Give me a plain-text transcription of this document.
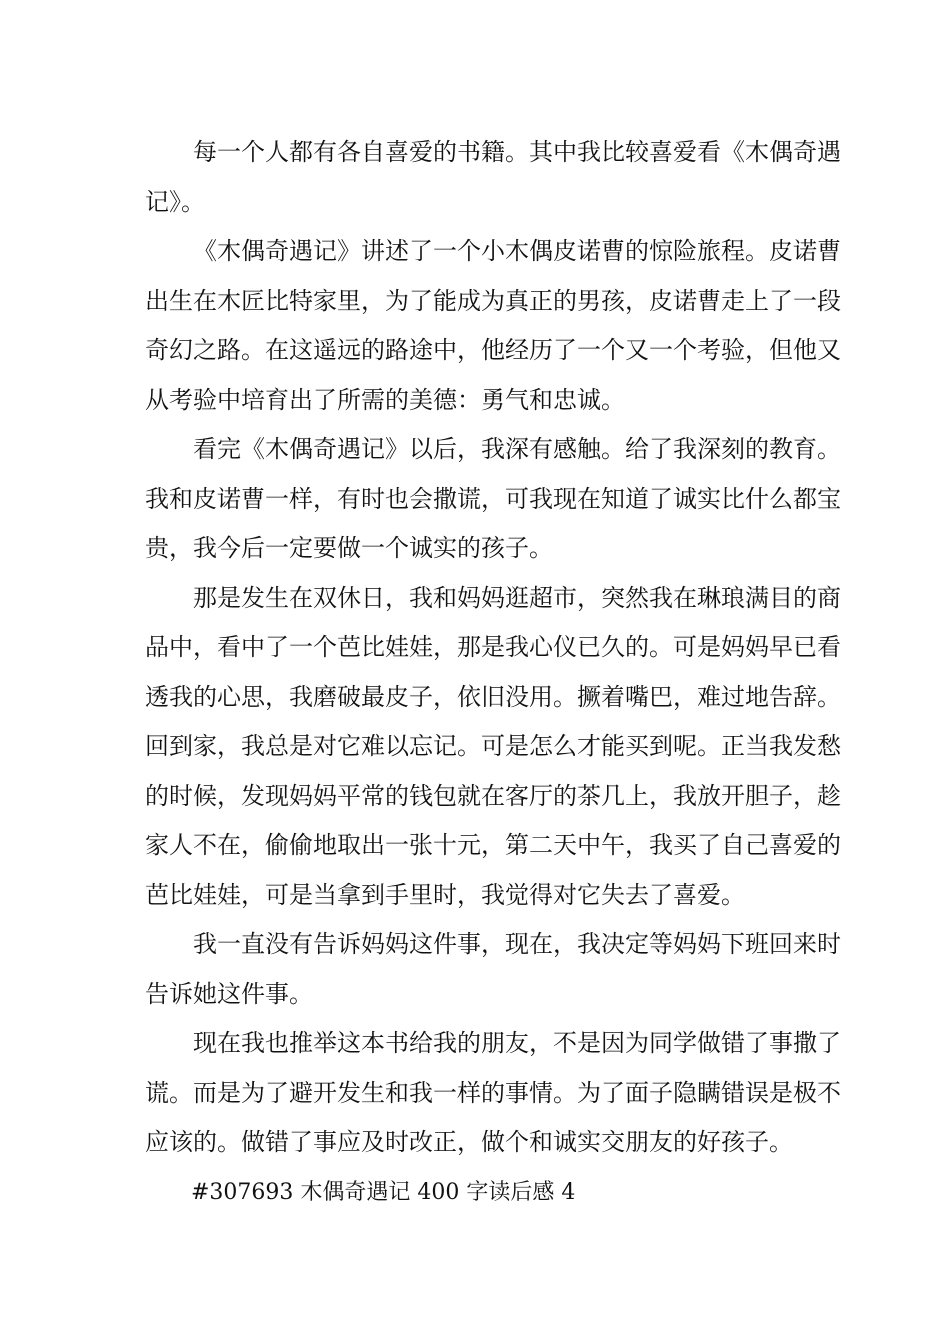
每一个人都有各自喜爱的书籍。其中我比较喜爱看《木偶奇遇
记》。

《木偶奇遇记》讲述了一个小木偶皮诺曹的惊险旅程。皮诺曹
出生在木匠比特家里，为了能成为真正的男孩，皮诺曹走上了一段
奇幻之路。在这遥远的路途中，他经历了一个又一个考验，但他又
从考验中培育出了所需的美德：勇气和忠诚。

看完《木偶奇遇记》以后，我深有感触。给了我深刻的教育。
我和皮诺曹一样，有时也会撒谎，可我现在知道了诚实比什么都宝
贵，我今后一定要做一个诚实的孩子。

那是发生在双休日，我和妈妈逛超市，突然我在琳琅满目的商
品中，看中了一个芭比娃娃，那是我心仪已久的。可是妈妈早已看
透我的心思，我磨破最皮子，依旧没用。撅着嘴巴，难过地告辞。
回到家，我总是对它难以忘记。可是怎么才能买到呢。正当我发愁
的时候，发现妈妈平常的钱包就在客厅的茶几上，我放开胆子，趁
家人不在，偷偷地取出一张十元，第二天中午，我买了自己喜爱的
芭比娃娃，可是当拿到手里时，我觉得对它失去了喜爱。

我一直没有告诉妈妈这件事，现在，我决定等妈妈下班回来时
告诉她这件事。

现在我也推举这本书给我的朋友，不是因为同学做错了事撒了
谎。而是为了避开发生和我一样的事情。为了面子隐瞒错误是极不
应该的。做错了事应及时改正，做个和诚实交朋友的好孩子。

#307693 木偶奇遇记 400 字读后感 4
